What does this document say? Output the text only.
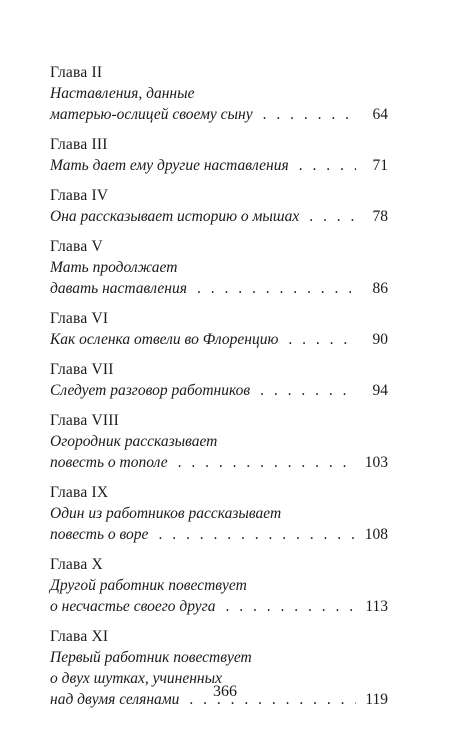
Глава II
Наставления, данные
матерью-ослицей своему сыну . . .	64
Глава III
Мать дает ему другие наставления . . .	71
Глава IV
Она рассказывает историю о мышах . . .	78
Глава V
Мать продолжает
давать наставления . . .	86
Глава VI
Как осленка отвели во Флоренцию . . .	90
Глава VII
Следует разговор работников . . .	94
Глава VIII
Огородник рассказывает
повесть о тополе . . .	103
Глава IX
Один из работников рассказывает
повесть о воре . . .	108
Глава X
Другой работник повествует
о несчастье своего друга . . .	113
Глава XI
Первый работник повествует
о двух шутках, учиненных
над двумя селянами . . .	119
366
